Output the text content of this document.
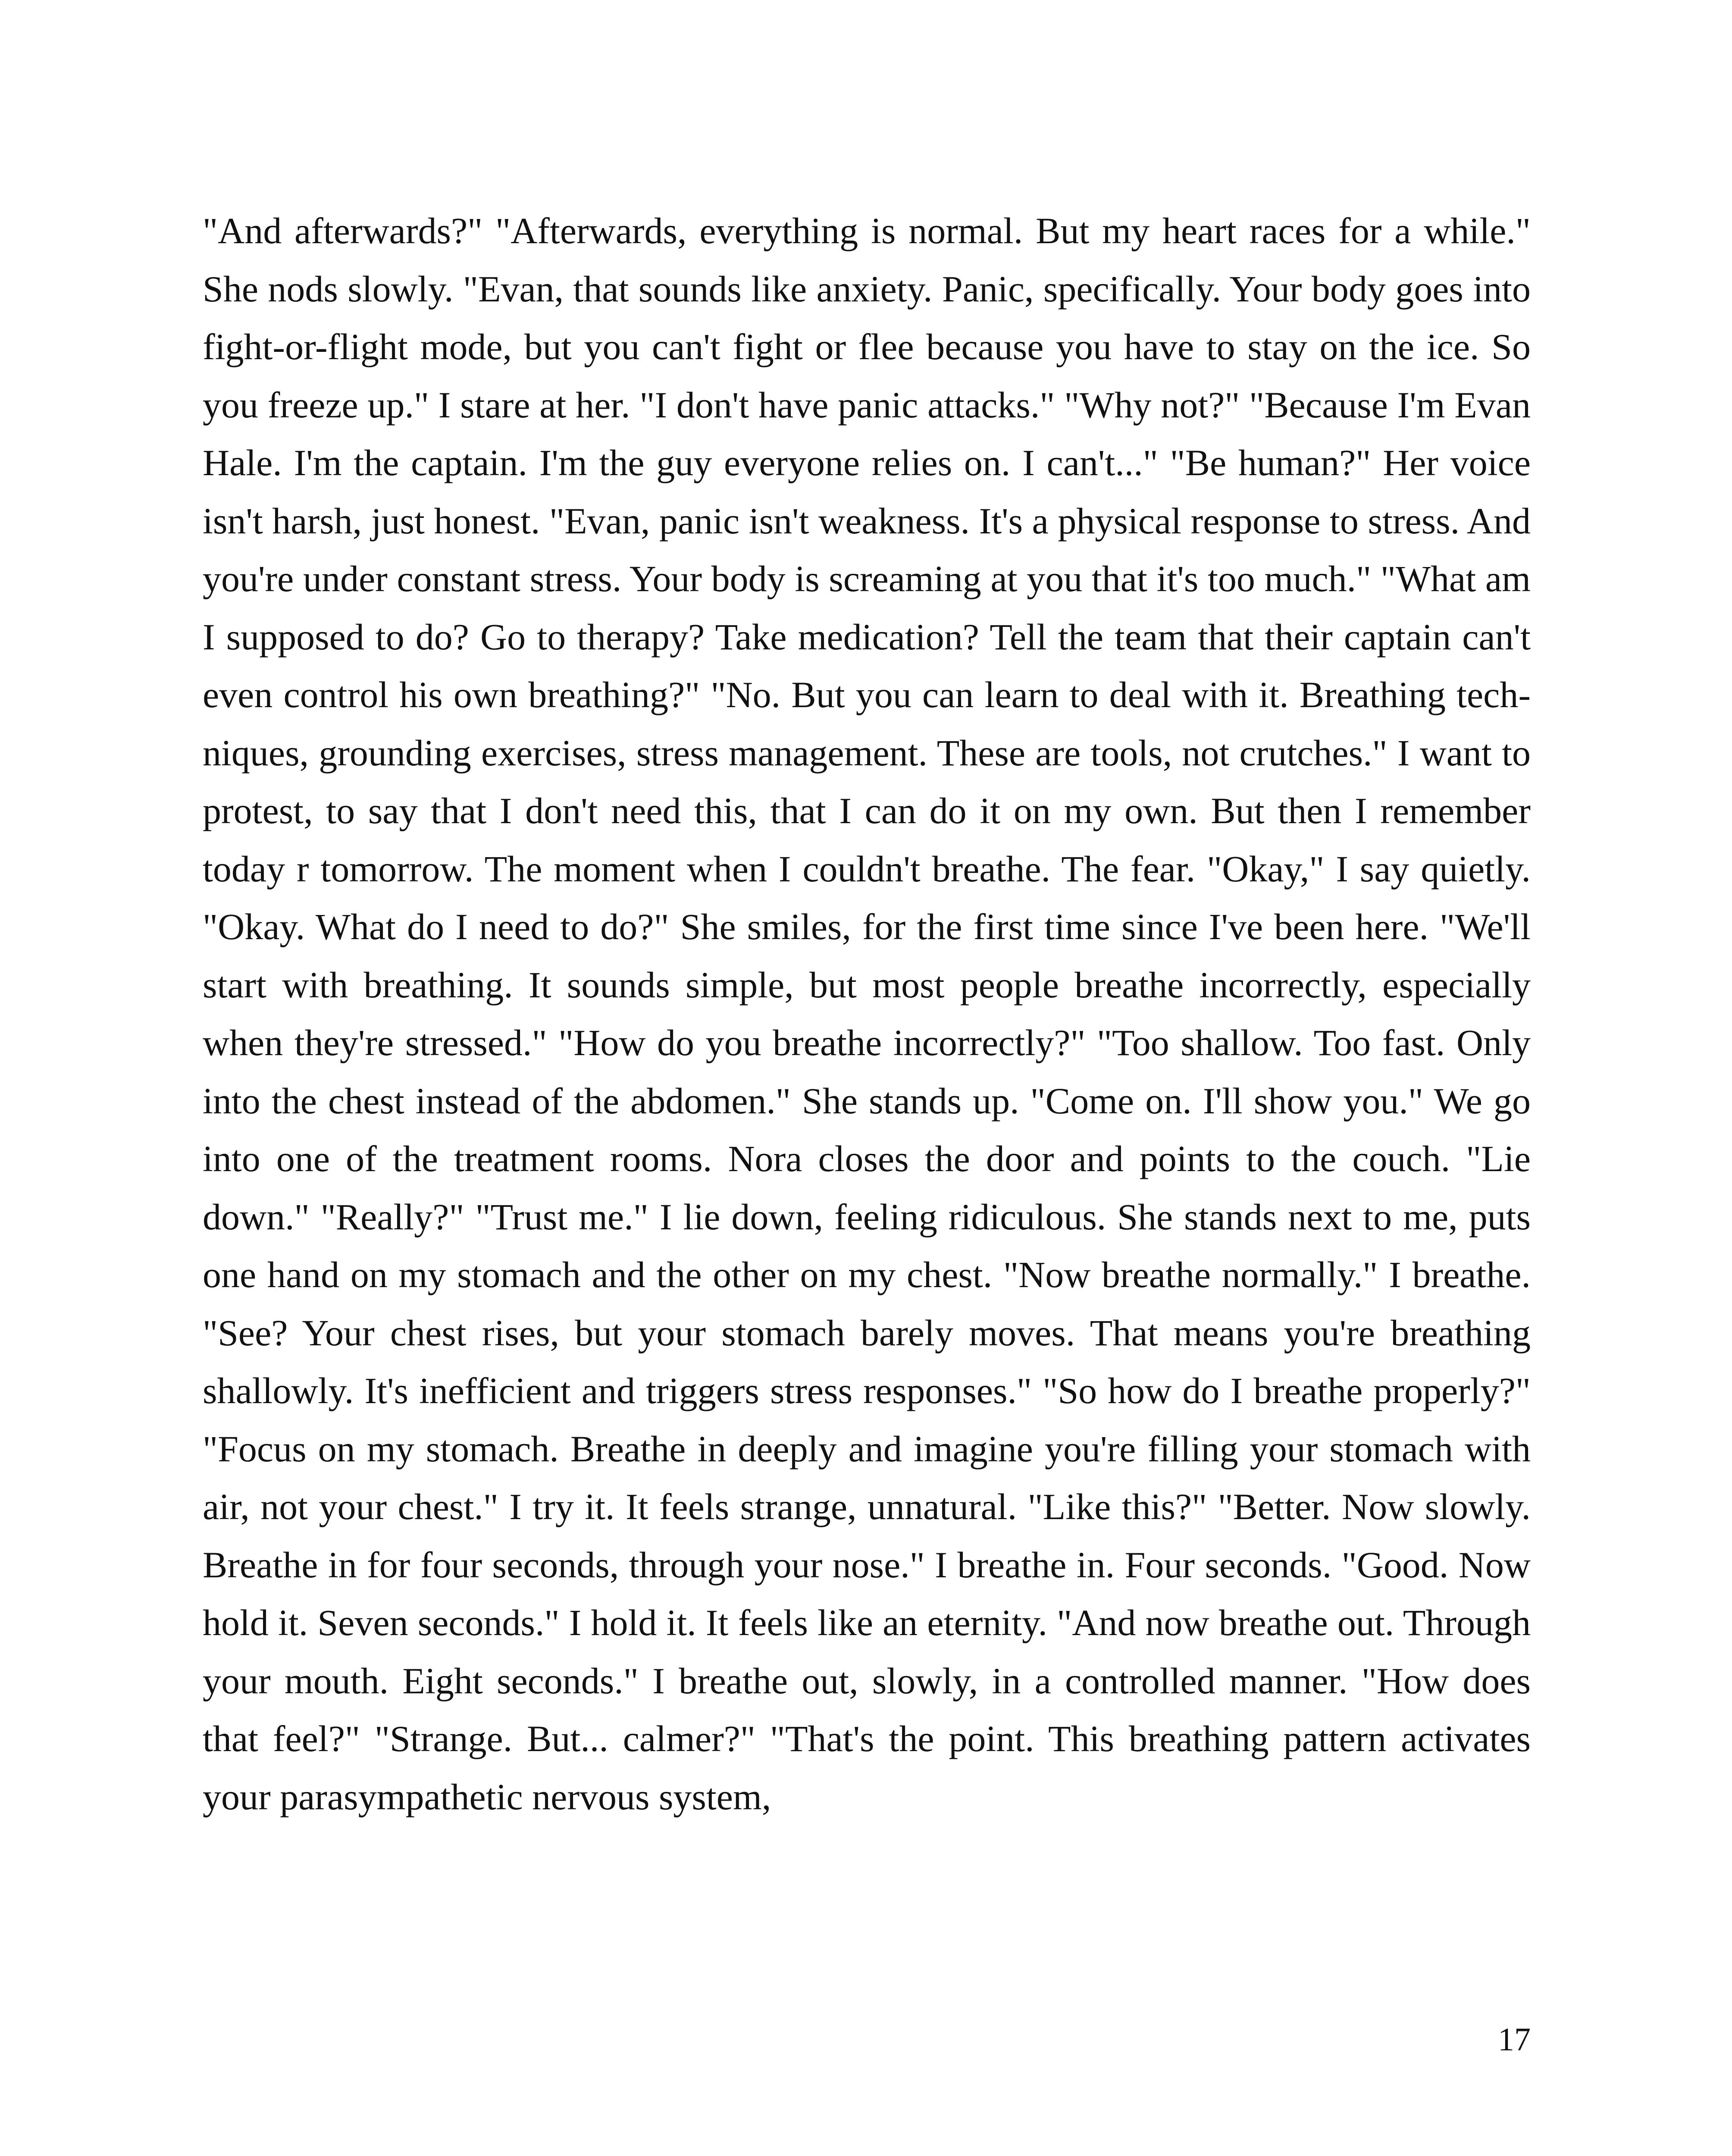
"And afterwards?" "Afterwards, everything is normal. But my heart races for a while." She nods slowly. "Evan, that sounds like anxiety. Panic, specifically. Your body goes into fight-or-flight mode, but you can't fight or flee because you have to stay on the ice. So you freeze up." I stare at her. "I don't have panic attacks." "Why not?" "Because I'm Evan Hale. I'm the captain. I'm the guy everyone relies on. I can't..." "Be human?" Her voice isn't harsh, just honest. "Evan, panic isn't weakness. It's a physical response to stress. And you're under constant stress. Your body is screaming at you that it's too much." "What am I supposed to do? Go to therapy? Take medication? Tell the team that their captain can't even control his own breathing?" "No. But you can learn to deal with it. Breathing techniques, grounding exercises, stress management. These are tools, not crutches." I want to protest, to say that I don't need this, that I can do it on my own. But then I remember today r tomorrow. The moment when I couldn't breathe. The fear. "Okay," I say quietly. "Okay. What do I need to do?" She smiles, for the first time since I've been here. "We'll start with breathing. It sounds simple, but most people breathe incorrectly, especially when they're stressed." "How do you breathe incorrectly?" "Too shallow. Too fast. Only into the chest instead of the abdomen." She stands up. "Come on. I'll show you." We go into one of the treatment rooms. Nora closes the door and points to the couch. "Lie down." "Really?" "Trust me." I lie down, feeling ridiculous. She stands next to me, puts one hand on my stomach and the other on my chest. "Now breathe normally." I breathe. "See? Your chest rises, but your stomach barely moves. That means you're breathing shallowly. It's inefficient and triggers stress responses." "So how do I breathe properly?" "Focus on my stomach. Breathe in deeply and imagine you're filling your stomach with air, not your chest." I try it. It feels strange, unnatural. "Like this?" "Better. Now slowly. Breathe in for four seconds, through your nose." I breathe in. Four seconds. "Good. Now hold it. Seven seconds." I hold it. It feels like an eternity. "And now breathe out. Through your mouth. Eight seconds." I breathe out, slowly, in a controlled manner. "How does that feel?" "Strange. But... calmer?" "That's the point. This breathing pattern activates your parasympathetic nervous system,

17
